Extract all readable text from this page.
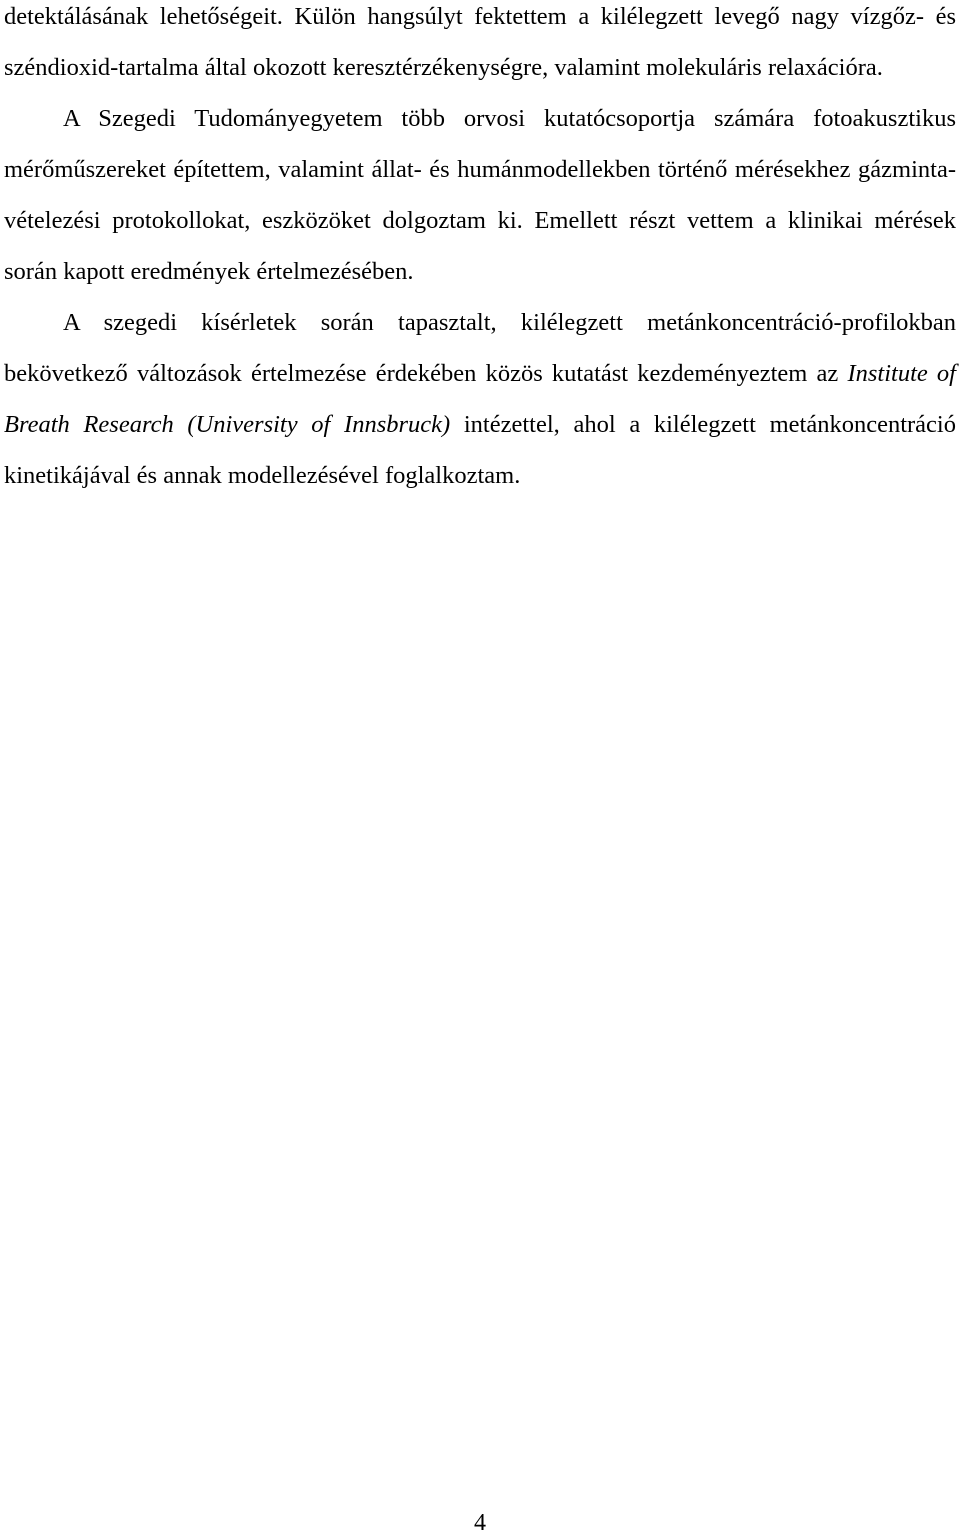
detektálásának lehetőségeit. Külön hangsúlyt fektettem a kilélegzett levegő nagy vízgőz- és széndioxid-tartalma által okozott keresztérzékenységre, valamint molekuláris relaxációra.

A Szegedi Tudományegyetem több orvosi kutatócsoportja számára fotoakusztikus mérőműszereket építettem, valamint állat- és humánmodellekben történő mérésekhez gázminta-vételezési protokollokat, eszközöket dolgoztam ki. Emellett részt vettem a klinikai mérések során kapott eredmények értelmezésében.

A szegedi kísérletek során tapasztalt, kilélegzett metánkoncentráció-profilokban bekövetkező változások értelmezése érdekében közös kutatást kezdeményeztem az Institute of Breath Research (University of Innsbruck) intézettel, ahol a kilélegzett metánkoncentráció kinetikájával és annak modellezésével foglalkoztam.

4
